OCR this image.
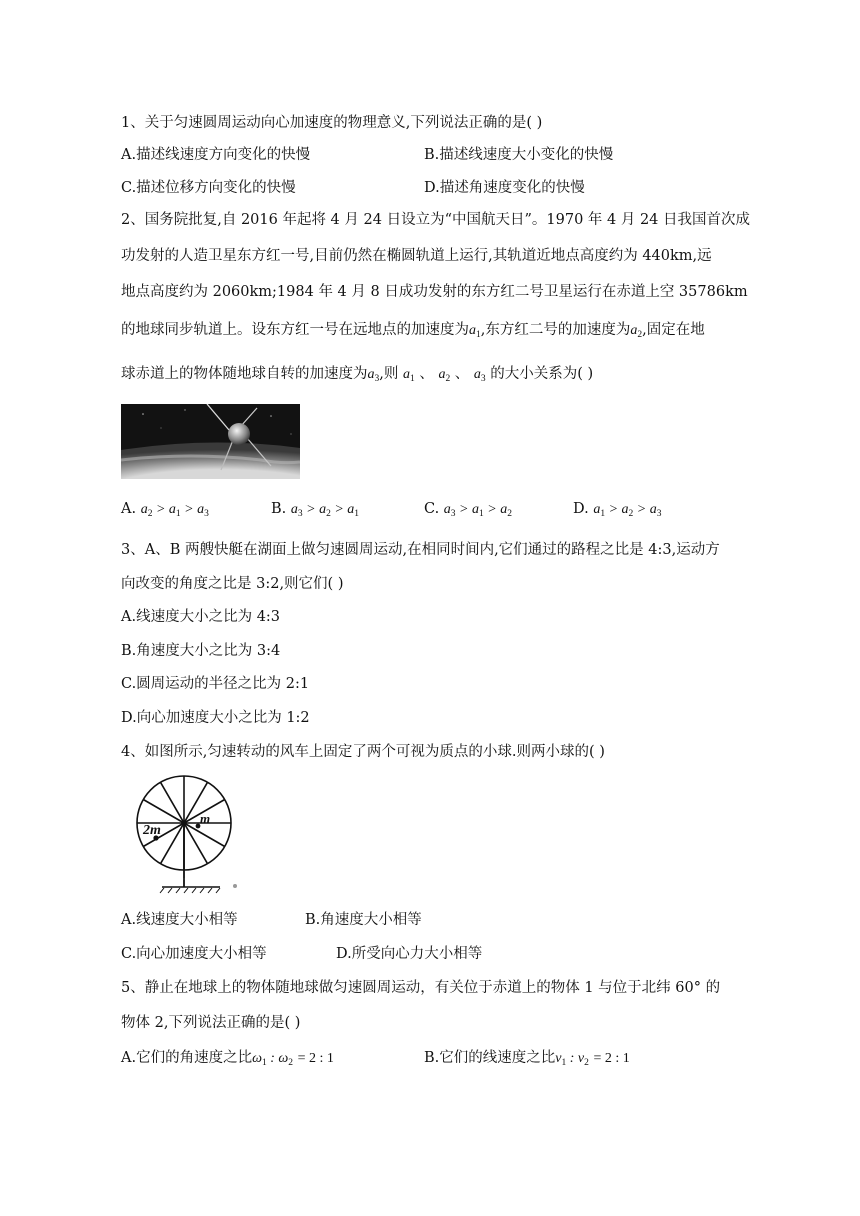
1、关于匀速圆周运动向心加速度的物理意义,下列说法正确的是( )
A.描述线速度方向变化的快慢	B.描述线速度大小变化的快慢
C.描述位移方向变化的快慢	D.描述角速度变化的快慢
2、国务院批复,自 2016 年起将 4 月 24 日设立为“中国航天日”。1970 年 4 月 24 日我国首次成
功发射的人造卫星东方红一号,目前仍然在椭圆轨道上运行,其轨道近地点高度约为 440km,远
地点高度约为 2060km;1984 年 4 月 8 日成功发射的东方红二号卫星运行在赤道上空 35786km
的地球同步轨道上。设东方红一号在远地点的加速度为$a_1$,东方红二号的加速度为$a_2$,固定在地
球赤道上的物体随地球自转的加速度为$a_3$,则 $a_1$ 、 $a_2$ 、 $a_3$ 的大小关系为( )
A. $a_2 > a_1 > a_3$	B. $a_3 > a_2 > a_1$	C. $a_3 > a_1 > a_2$	D. $a_1 > a_2 > a_3$
3、A、B 两艘快艇在湖面上做匀速圆周运动,在相同时间内,它们通过的路程之比是 4:3,运动方
向改变的角度之比是 3:2,则它们( )
A.线速度大小之比为 4:3
B.角速度大小之比为 3:4
C.圆周运动的半径之比为 2:1
D.向心加速度大小之比为 1:2
4、如图所示,匀速转动的风车上固定了两个可视为质点的小球.则两小球的( )
2m
m
A.线速度大小相等	B.角速度大小相等
C.向心加速度大小相等	D.所受向心力大小相等
5、静止在地球上的物体随地球做匀速圆周运动，有关位于赤道上的物体 1 与位于北纬 60° 的
物体 2,下列说法正确的是( )
A.它们的角速度之比$\omega_1$ : $\omega_2 = 2$ : 1	B.它们的线速度之比$v_1$ : $v_2 = 2$ : 1
